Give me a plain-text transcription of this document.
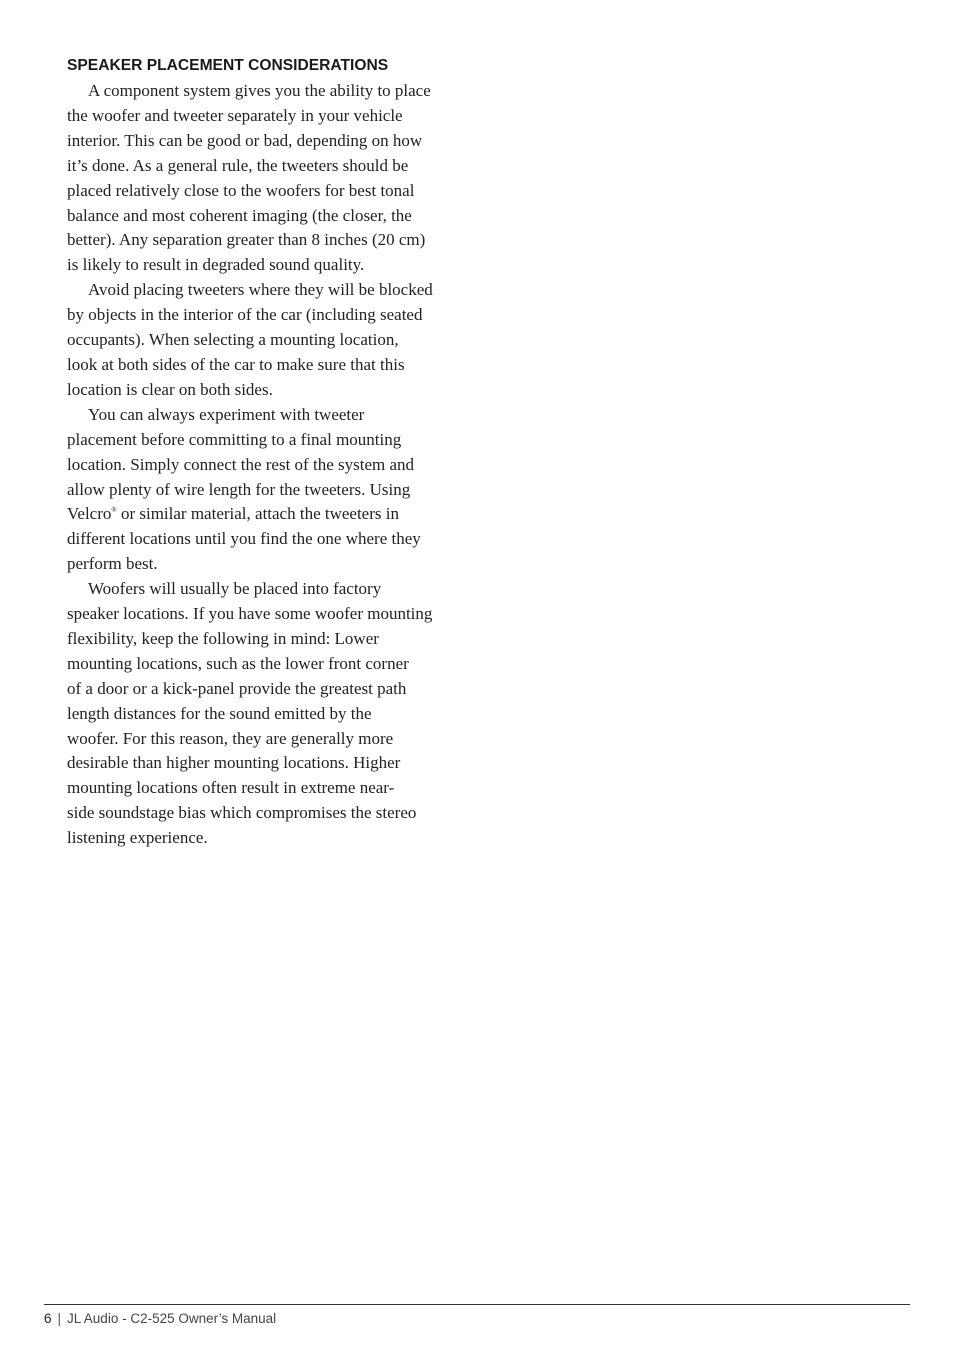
SPEAKER PLACEMENT CONSIDERATIONS

A component system gives you the ability to place
the woofer and tweeter separately in your vehicle
interior. This can be good or bad, depending on how
it’s done. As a general rule, the tweeters should be
placed relatively close to the woofers for best tonal
balance and most coherent imaging (the closer, the
better). Any separation greater than 8 inches (20 cm)
is likely to result in degraded sound quality.

Avoid placing tweeters where they will be blocked
by objects in the interior of the car (including seated
occupants). When selecting a mounting location,
look at both sides of the car to make sure that this
location is clear on both sides.

You can always experiment with tweeter
placement before committing to a final mounting
location. Simply connect the rest of the system and
allow plenty of wire length for the tweeters. Using
Velcro® or similar material, attach the tweeters in
different locations until you find the one where they
perform best.

Woofers will usually be placed into factory
speaker locations. If you have some woofer mounting
flexibility, keep the following in mind: Lower
mounting locations, such as the lower front corner
of a door or a kick-panel provide the greatest path
length distances for the sound emitted by the
woofer. For this reason, they are generally more
desirable than higher mounting locations. Higher
mounting locations often result in extreme near-
side soundstage bias which compromises the stereo
listening experience.

6 | JL Audio - C2-525 Owner’s Manual
